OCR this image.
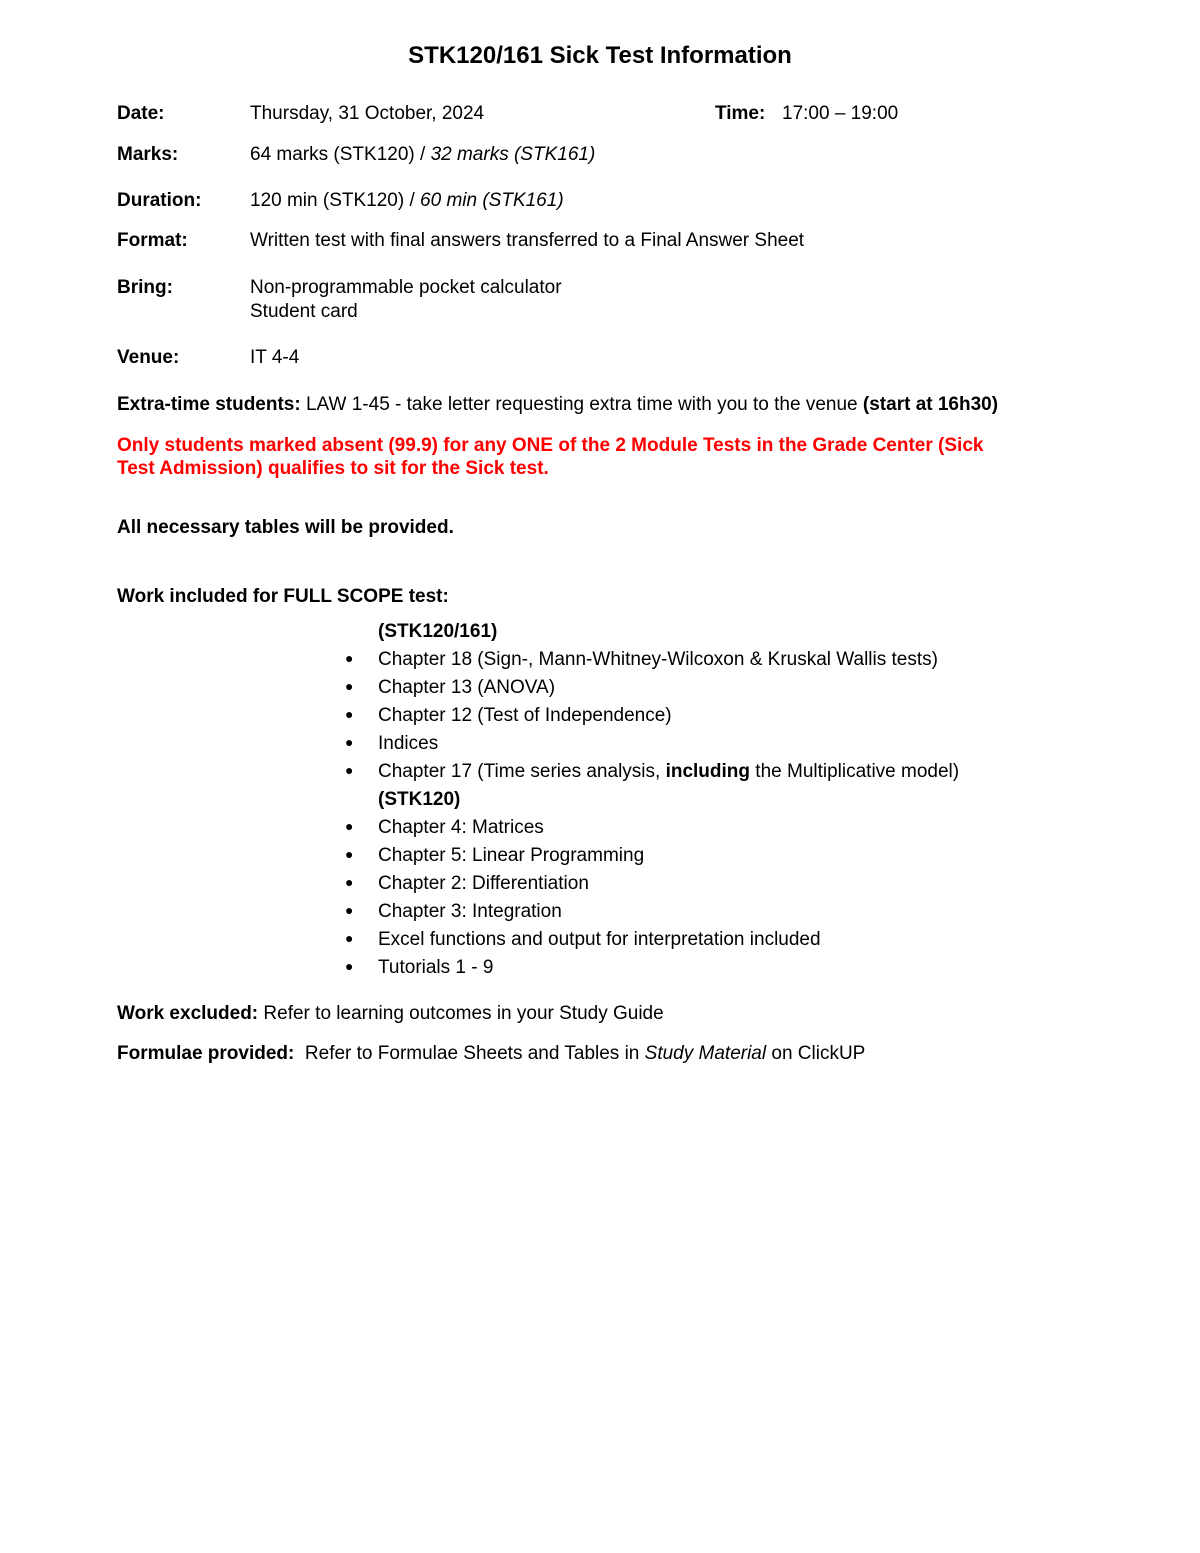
STK120/161 Sick Test Information
Date:	Thursday, 31 October, 2024	Time: 17:00 – 19:00
Marks:	64 marks (STK120) / 32 marks (STK161)
Duration:	120 min (STK120) / 60 min (STK161)
Format:	Written test with final answers transferred to a Final Answer Sheet
Bring:	Non-programmable pocket calculator
Student card
Venue:	IT 4-4
Extra-time students: LAW 1-45 - take letter requesting extra time with you to the venue (start at 16h30)
Only students marked absent (99.9) for any ONE of the 2 Module Tests in the Grade Center (Sick
Test Admission) qualifies to sit for the Sick test.
All necessary tables will be provided.
Work included for FULL SCOPE test:
(STK120/161)
● Chapter 18 (Sign-, Mann-Whitney-Wilcoxon & Kruskal Wallis tests)
● Chapter 13 (ANOVA)
● Chapter 12 (Test of Independence)
● Indices
● Chapter 17 (Time series analysis, including the Multiplicative model)
(STK120)
● Chapter 4: Matrices
● Chapter 5: Linear Programming
● Chapter 2: Differentiation
● Chapter 3: Integration
● Excel functions and output for interpretation included
● Tutorials 1 - 9
Work excluded: Refer to learning outcomes in your Study Guide
Formulae provided:  Refer to Formulae Sheets and Tables in Study Material on ClickUP
